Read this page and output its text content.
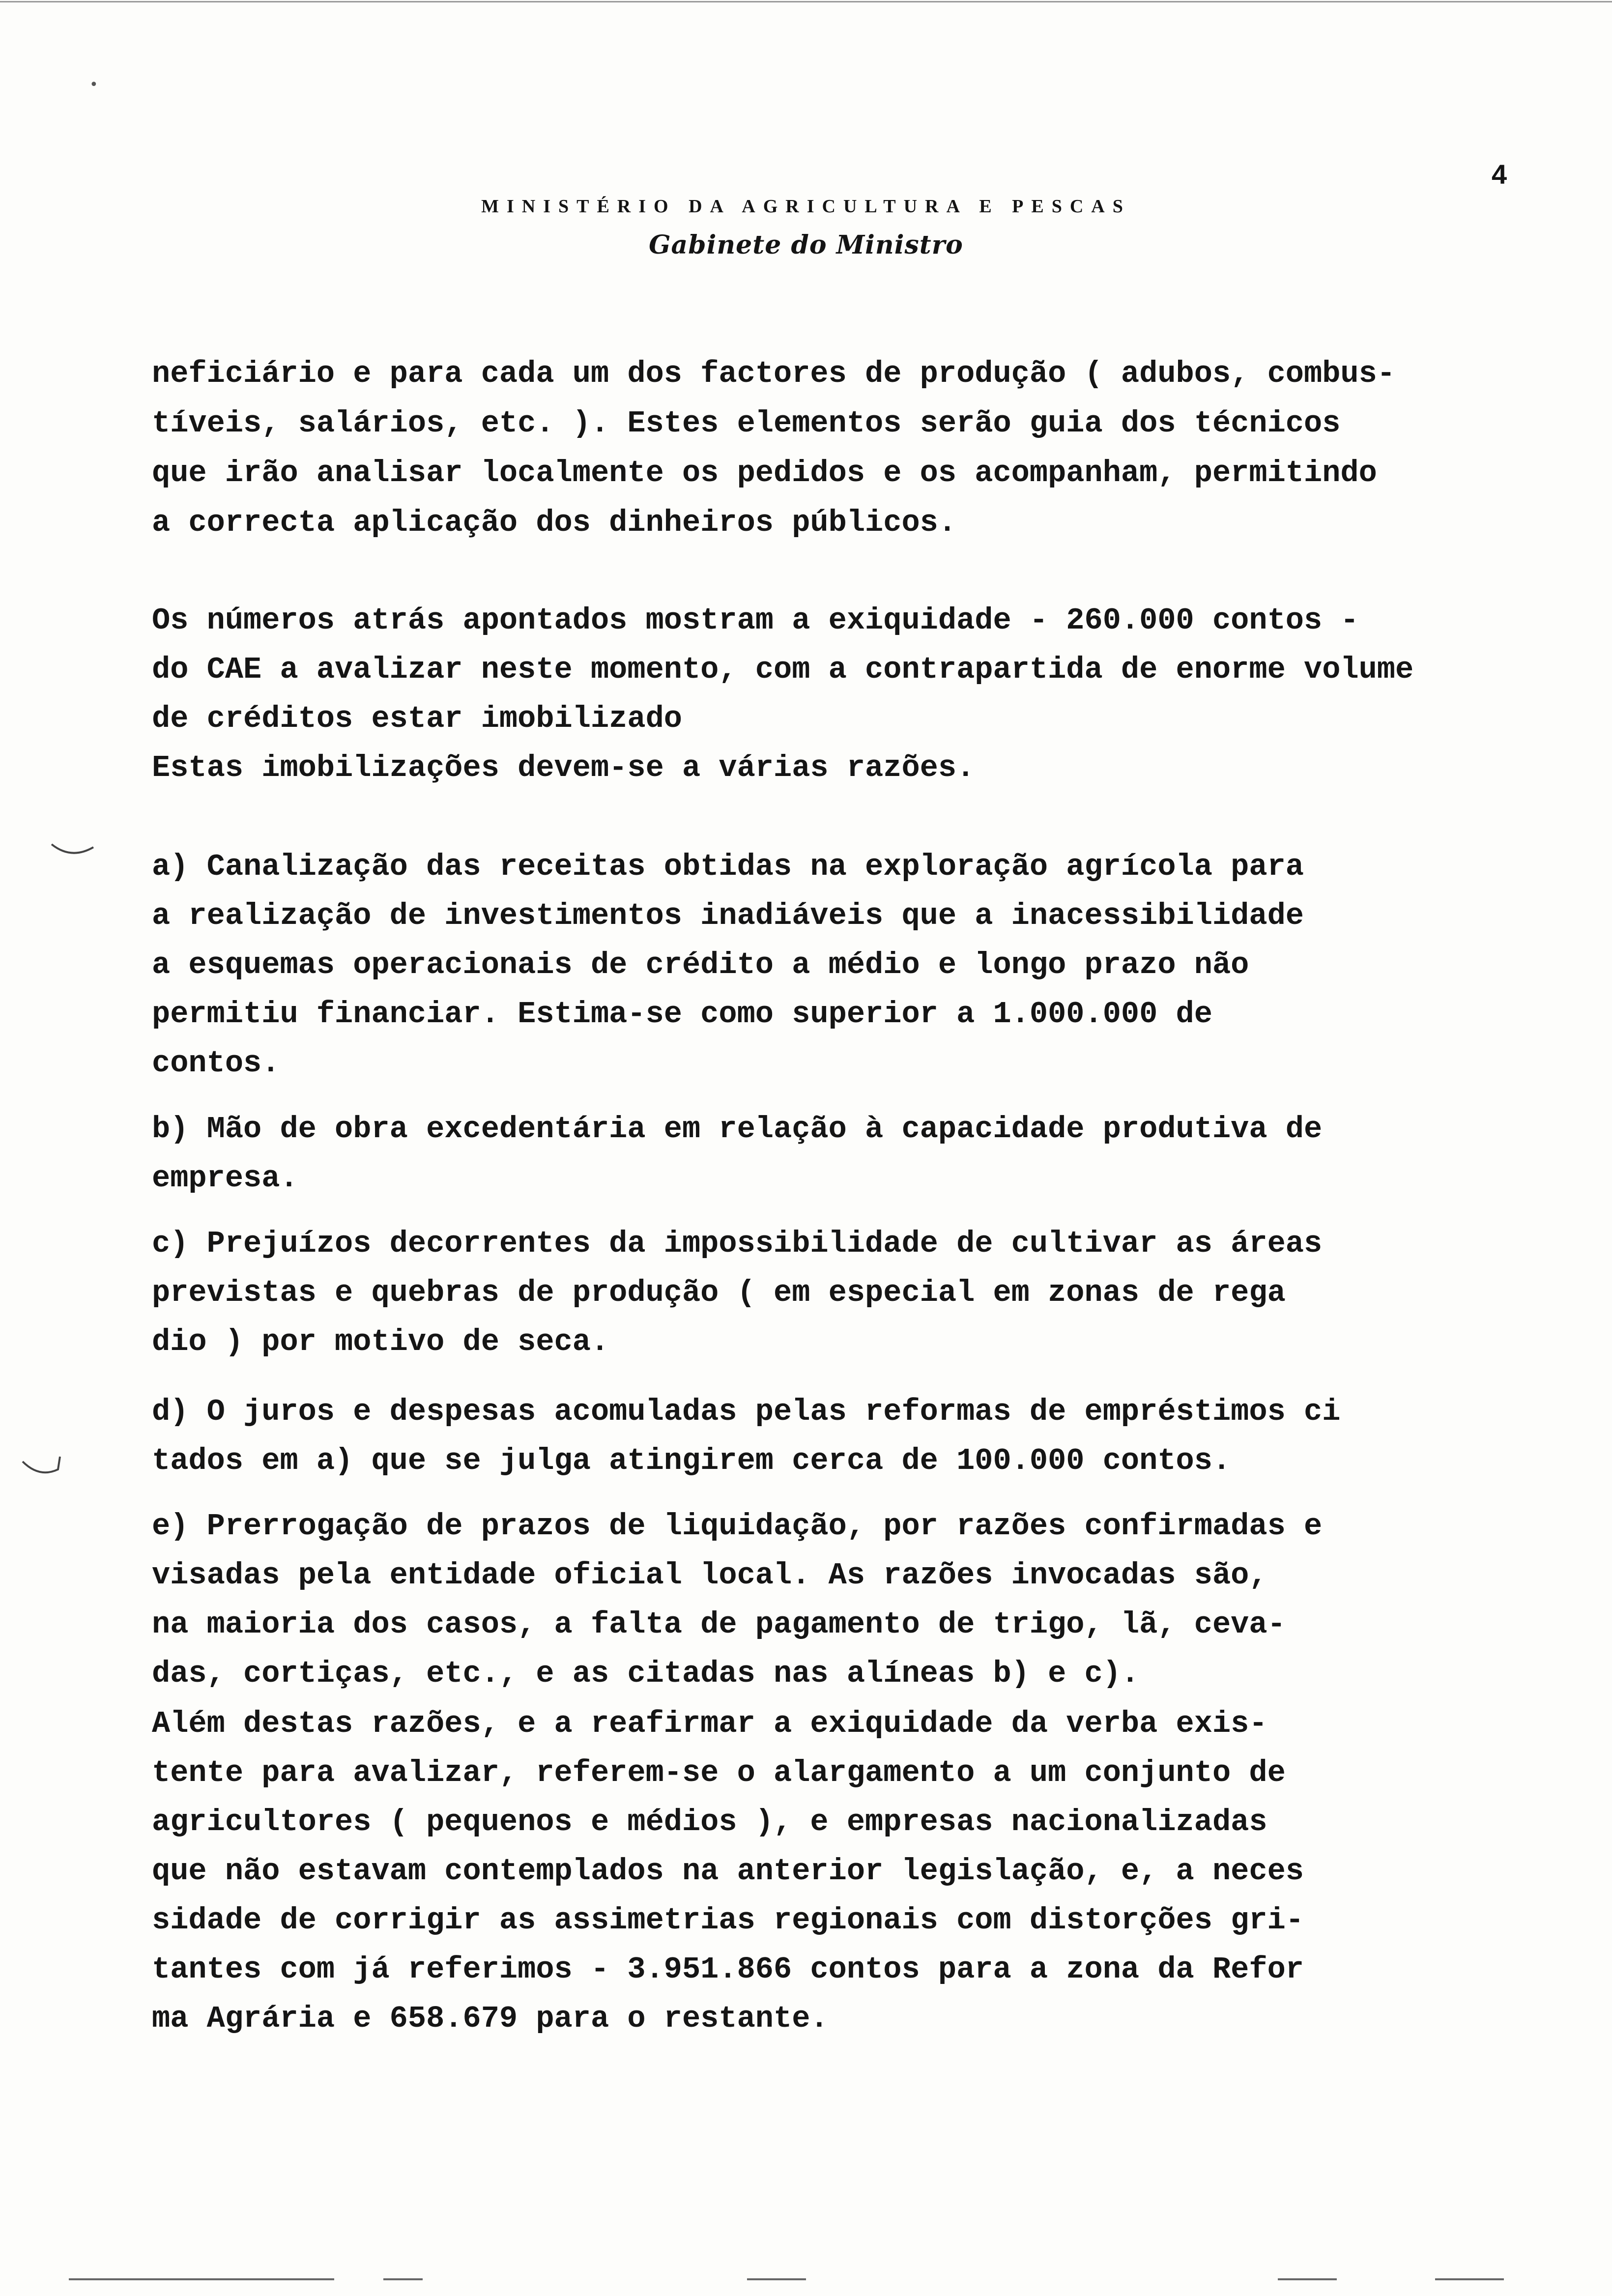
4
MINISTÉRIO DA AGRICULTURA E PESCAS
Gabinete do Ministro
neficiário e para cada um dos factores de produção ( adubos, combus-
tíveis, salários, etc. ). Estes elementos serão guia dos técnicos
que irão analisar localmente os pedidos e os acompanham, permitindo
a correcta aplicação dos dinheiros públicos.
Os números atrás apontados mostram a exiquidade - 260.000 contos -
do CAE a avalizar neste momento, com a contrapartida de enorme volume
de créditos estar imobilizado
Estas imobilizações devem-se a várias razões.
a) Canalização das receitas obtidas na exploração agrícola para
a realização de investimentos inadiáveis que a inacessibilidade
a esquemas operacionais de crédito a médio e longo prazo não
permitiu financiar. Estima-se como superior a 1.000.000 de
contos.
b) Mão de obra excedentária em relação à capacidade produtiva de
empresa.
c) Prejuízos decorrentes da impossibilidade de cultivar as áreas
previstas e quebras de produção ( em especial em zonas de rega
dio ) por motivo de seca.
d) O juros e despesas acomuladas pelas reformas de empréstimos ci
tados em a) que se julga atingirem cerca de 100.000 contos.
e) Prerrogação de prazos de liquidação, por razões confirmadas e
visadas pela entidade oficial local. As razões invocadas são,
na maioria dos casos, a falta de pagamento de trigo, lã, ceva-
das, cortiças, etc., e as citadas nas alíneas b) e c).
Além destas razões, e a reafirmar a exiquidade da verba exis-
tente para avalizar, referem-se o alargamento a um conjunto de
agricultores ( pequenos e médios ), e empresas nacionalizadas
que não estavam contemplados na anterior legislação, e, a neces
sidade de corrigir as assimetrias regionais com distorções gri-
tantes com já referimos - 3.951.866 contos para a zona da Refor
ma Agrária e 658.679 para o restante.
•
